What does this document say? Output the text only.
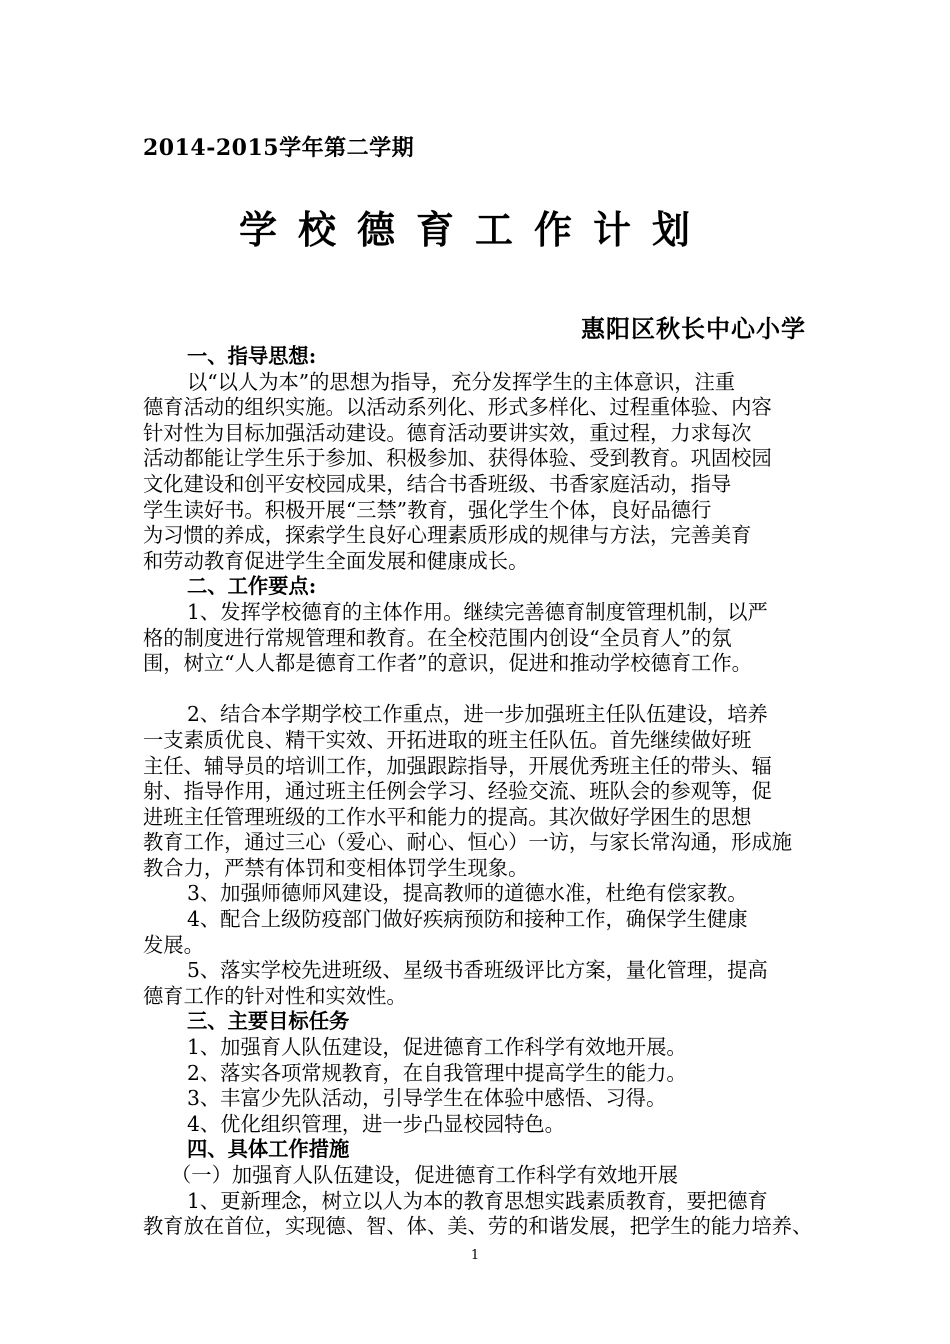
2014-2015学年第二学期
学校德育工作计划
惠阳区秋长中心小学
一、指导思想:
以“以人为本”的思想为指导，充分发挥学生的主体意识，注重
德育活动的组织实施。以活动系列化、形式多样化、过程重体验、内容
针对性为目标加强活动建设。德育活动要讲实效，重过程，力求每次
活动都能让学生乐于参加、积极参加、获得体验、受到教育。巩固校园
文化建设和创平安校园成果，结合书香班级、书香家庭活动，指导
学生读好书。积极开展“三禁”教育，强化学生个体，良好品德行
为习惯的养成，探索学生良好心理素质形成的规律与方法，完善美育
和劳动教育促进学生全面发展和健康成长。
二、工作要点:
1、发挥学校德育的主体作用。继续完善德育制度管理机制，以严
格的制度进行常规管理和教育。在全校范围内创设“全员育人”的氛
围，树立“人人都是德育工作者”的意识，促进和推动学校德育工作。
2、结合本学期学校工作重点，进一步加强班主任队伍建设，培养
一支素质优良、精干实效、开拓进取的班主任队伍。首先继续做好班
主任、辅导员的培训工作，加强跟踪指导，开展优秀班主任的带头、辐
射、指导作用，通过班主任例会学习、经验交流、班队会的参观等，促
进班主任管理班级的工作水平和能力的提高。其次做好学困生的思想
教育工作，通过三心（爱心、耐心、恒心）一访，与家长常沟通，形成施
教合力，严禁有体罚和变相体罚学生现象。
3、加强师德师风建设，提高教师的道德水准，杜绝有偿家教。
4、配合上级防疫部门做好疾病预防和接种工作，确保学生健康
发展。
5、落实学校先进班级、星级书香班级评比方案，量化管理，提高
德育工作的针对性和实效性。
三、主要目标任务
1、加强育人队伍建设，促进德育工作科学有效地开展。
2、落实各项常规教育，在自我管理中提高学生的能力。
3、丰富少先队活动，引导学生在体验中感悟、习得。
4、优化组织管理，进一步凸显校园特色。
四、具体工作措施
（一）加强育人队伍建设，促进德育工作科学有效地开展
1、更新理念，树立以人为本的教育思想实践素质教育，要把德育
教育放在首位，实现德、智、体、美、劳的和谐发展，把学生的能力培养、
1
